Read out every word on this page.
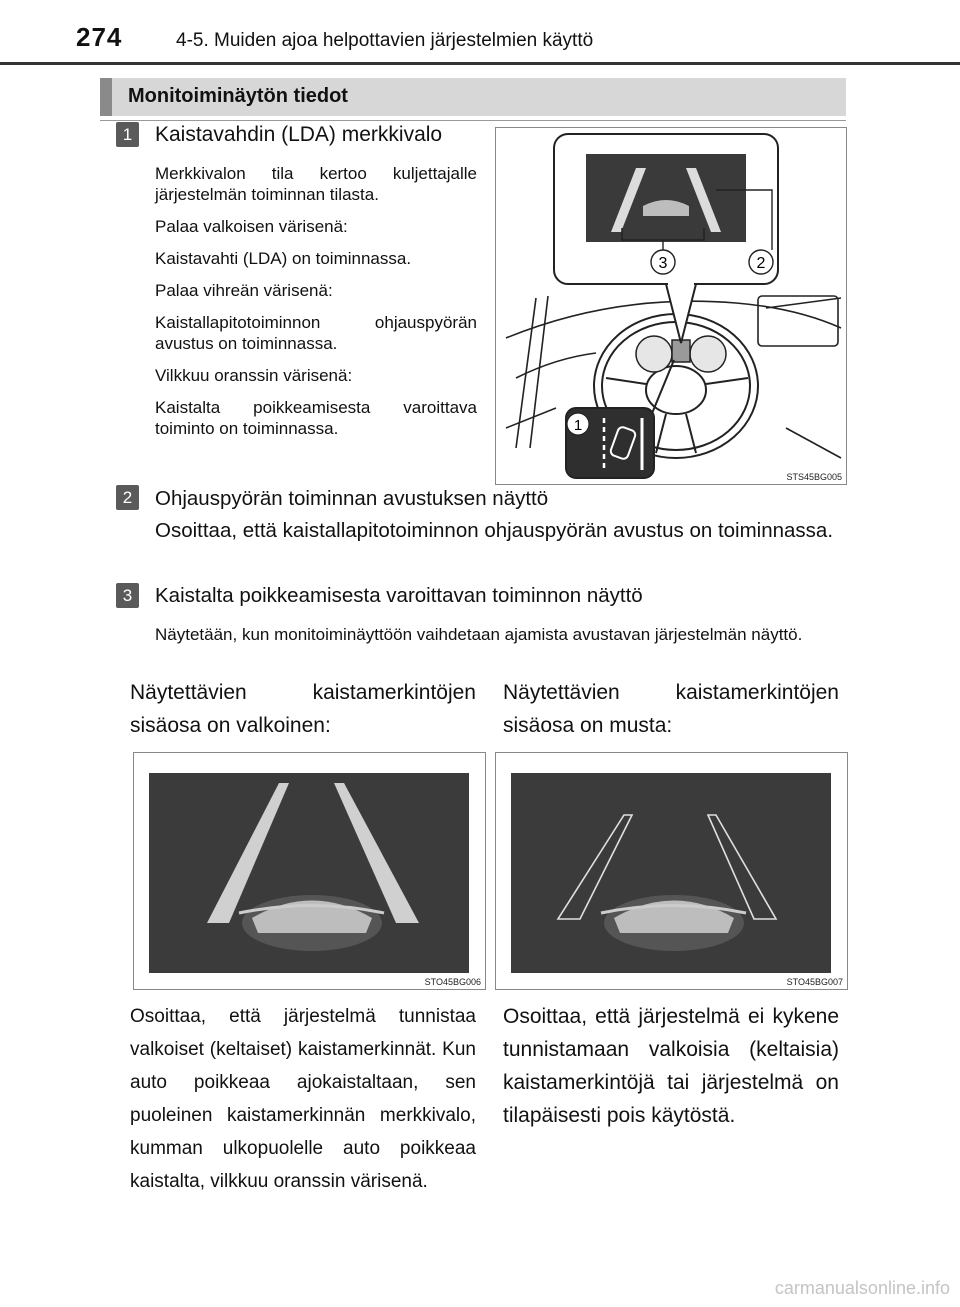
274	4-5. Muiden ajoa helpottavien järjestelmien käyttö
Monitoiminäytön tiedot
1	Kaistavahdin (LDA) merkkivalo
Merkkivalon tila kertoo kuljettajalle järjestelmän toiminnan tilasta.
Palaa valkoisen värisenä:
Kaistavahti (LDA) on toiminnassa.
Palaa vihreän värisenä:
Kaistallapitotoiminnon ohjauspyörän avustus on toiminnassa.
Vilkkuu oranssin värisenä:
Kaistalta poikkeamisesta varoittava toiminto on toiminnassa.
3	2
1
STS45BG005
2	Ohjauspyörän toiminnan avustuksen näyttö
Osoittaa, että kaistallapitotoiminnon ohjauspyörän avustus on toiminnassa.
3	Kaistalta poikkeamisesta varoittavan toiminnon näyttö
Näytetään, kun monitoiminäyttöön vaihdetaan ajamista avustavan järjestelmän näyttö.
Näytettävien kaistamerkintöjen sisäosa on valkoinen:
Näytettävien kaistamerkintöjen sisäosa on musta:
STO45BG006	STO45BG007
Osoittaa, että järjestelmä tunnistaa valkoiset (keltaiset) kaistamerkinnät. Kun auto poikkeaa ajokaistaltaan, sen puoleinen kaistamerkinnän merkkivalo, kumman ulkopuolelle auto poikkeaa kaistalta, vilkkuu oranssin värisenä.
Osoittaa, että järjestelmä ei kykene tunnistamaan valkoisia (keltaisia) kaistamerkintöjä tai järjestelmä on tilapäisesti pois käytöstä.
carmanualsonline.info
